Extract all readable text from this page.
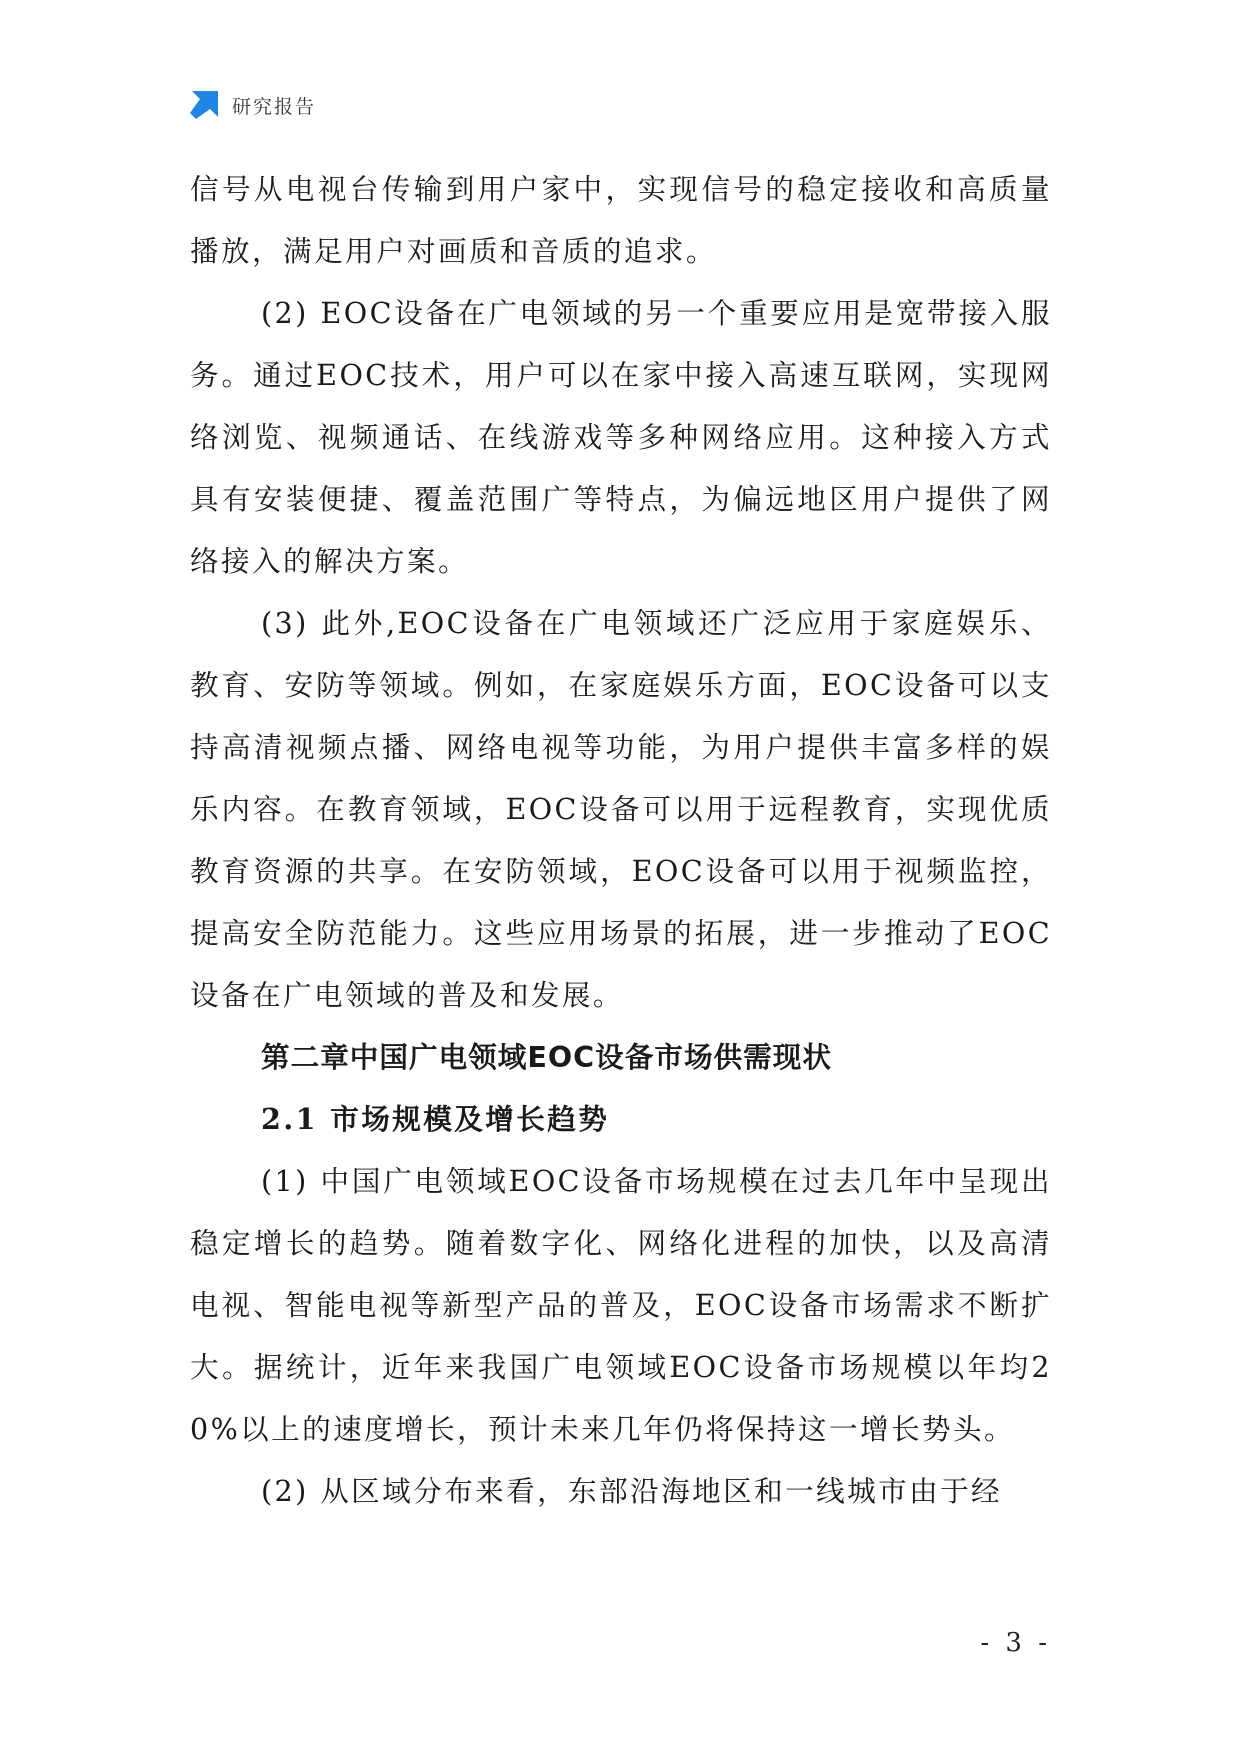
研究报告

信号从电视台传输到用户家中，实现信号的稳定接收和高质量播放，满足用户对画质和音质的追求。

(2) EOC设备在广电领域的另一个重要应用是宽带接入服务。通过EOC技术，用户可以在家中接入高速互联网，实现网络浏览、视频通话、在线游戏等多种网络应用。这种接入方式具有安装便捷、覆盖范围广等特点，为偏远地区用户提供了网络接入的解决方案。

(3) 此外,EOC设备在广电领域还广泛应用于家庭娱乐、教育、安防等领域。例如，在家庭娱乐方面，EOC设备可以支持高清视频点播、网络电视等功能，为用户提供丰富多样的娱乐内容。在教育领域，EOC设备可以用于远程教育，实现优质教育资源的共享。在安防领域，EOC设备可以用于视频监控，提高安全防范能力。这些应用场景的拓展，进一步推动了EOC设备在广电领域的普及和发展。

第二章中国广电领域EOC设备市场供需现状
2.1 市场规模及增长趋势

(1) 中国广电领域EOC设备市场规模在过去几年中呈现出稳定增长的趋势。随着数字化、网络化进程的加快，以及高清电视、智能电视等新型产品的普及，EOC设备市场需求不断扩大。据统计，近年来我国广电领域EOC设备市场规模以年均20%以上的速度增长，预计未来几年仍将保持这一增长势头。

(2) 从区域分布来看，东部沿海地区和一线城市由于经

- 3 -
